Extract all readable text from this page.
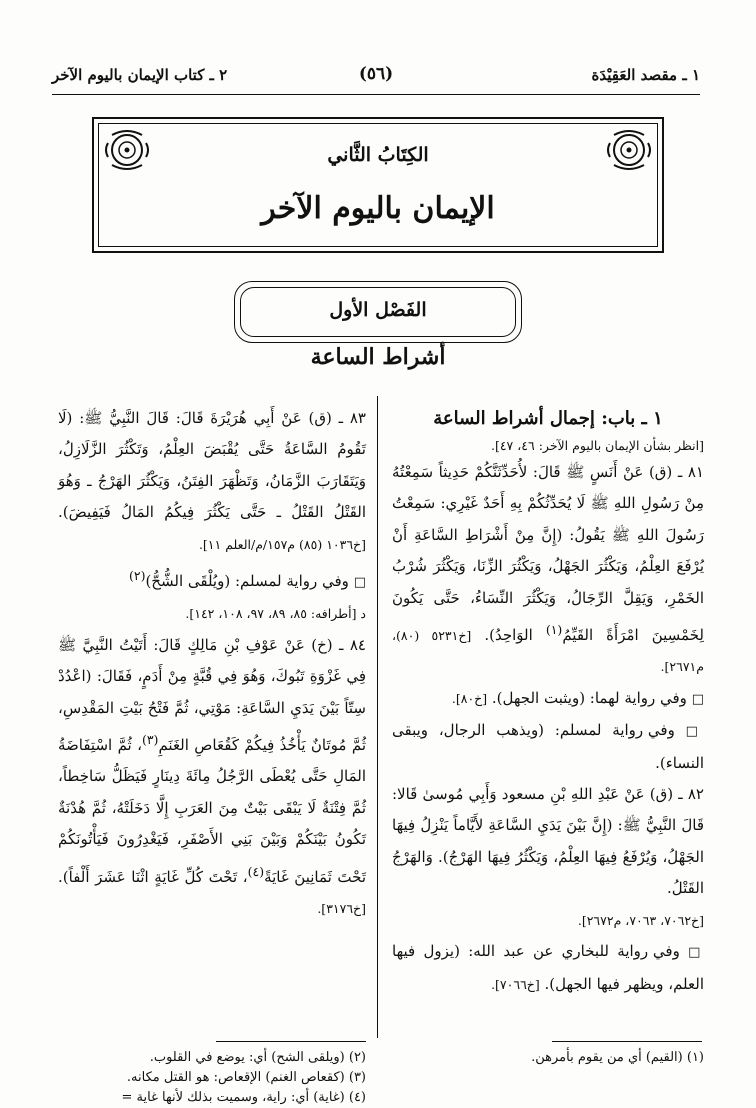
١ ـ مقصد العَقِيْدَة
(٥٦)
٢ ـ كتاب الإيمان باليوم الآخر
الكِتَابُ الثَّاني
الإيمان باليوم الآخر
الفَصْل الأول
أشراط الساعة

١ ـ باب: إجمال أشراط الساعة

[انظر بشأن الإيمان باليوم الآخر: ٤٦، ٤٧].

٨١ ـ (ق) عَنْ أَنَسٍ ﷺ قَالَ: لأُحَدِّثَنَّكُمْ حَدِيثاً سَمِعْتُهُ مِنْ رَسُولِ اللهِ ﷺ لَا يُحَدِّثُكُمْ بِهِ أَحَدٌ غَيْرِي: سَمِعْتُ رَسُولَ اللهِ ﷺ يَقُولُ: (إِنَّ مِنْ أَشْرَاطِ السَّاعَةِ أَنْ يُرْفَعَ العِلْمُ، وَيَكْثُرَ الجَهْلُ، وَيَكْثُرَ الزِّنَا، وَيَكْثُرَ شُرْبُ الخَمْرِ، وَيَقِلَّ الرِّجَالُ، وَيَكْثُرَ النِّسَاءُ، حَتَّى يَكُونَ لِخَمْسِينَ امْرَأَةً القَيِّمُ$^{(١)}$ الوَاحِدُ). [خ٥٢٣١ (٨٠)، م٢٦٧١].

□ وفي رواية لهما: (ويثبت الجهل). [خ٨٠].

□ وفي رواية لمسلم: (ويذهب الرجال، ويبقى النساء).

٨٢ ـ (ق) عَنْ عَبْدِ اللهِ بْنِ مسعود وَأَبِي مُوسىٰ قَالا: قَالَ النَّبِيُّ ﷺ: (إِنَّ بَيْنَ يَدَيِ السَّاعَةِ لأَيَّاماً يَنْزِلُ فِيهَا الجَهْلُ، وَيُرْفَعُ فِيهَا العِلْمُ، وَيَكْثُرُ فِيهَا الهَرْجُ). وَالهَرْجُ القَتْلُ.

[خ٧٠٦٢، ٧٠٦٣، م٢٦٧٢].

□ وفي رواية للبخاري عن عبد الله: (يزول فيها العلم، ويظهر فيها الجهل). [خ٧٠٦٦].

٨٣ ـ (ق) عَنْ أَبِي هُرَيْرَةَ قَالَ: قَالَ النَّبِيُّ ﷺ: (لَا تَقُومُ السَّاعَةُ حَتَّى يُقْبَضَ العِلْمُ، وَتَكْثُرَ الزَّلَازِلُ، وَيَتَقَارَبَ الزَّمَانُ، وَتَظْهَرَ الفِتَنُ، وَيَكْثُرَ الهَرْجُ ـ وَهُوَ القَتْلُ القَتْلُ ـ حَتَّى يَكْثُرَ فِيكُمُ المَالُ فَيَفِيضَ). [خ١٠٣٦ (٨٥) م١٥٧/م/العلم ١١].

□ وفي رواية لمسلم: (ويُلْقَى الشُّحُّ)$^{(٢)}$

د [أطرافه: ٨٥، ٨٩، ٩٧، ١٠٨، ١٤٢].

٨٤ ـ (خ) عَنْ عَوْفِ بْنِ مَالِكٍ قَالَ: أَتَيْتُ النَّبِيَّ ﷺ فِي غَزْوَةِ تَبُوكَ، وَهُوَ فِي قُبَّةٍ مِنْ أَدَمٍ، فَقَالَ: (اعْدُدْ سِتّاً بَيْنَ يَدَيِ السَّاعَةِ: مَوْتِي، ثُمَّ فَتْحُ بَيْتِ المَقْدِسِ، ثُمَّ مُوتَانٌ يَأْخُذُ فِيكُمْ كَقُعَاصِ الغَنَمِ$^{(٣)}$، ثُمَّ اسْتِفَاضَةُ المَالِ حَتَّى يُعْطَى الرَّجُلُ مِائَةَ دِينَارٍ فَيَظَلُّ سَاخِطاً، ثُمَّ فِتْنَةٌ لَا يَبْقَى بَيْتٌ مِنَ العَرَبِ إِلَّا دَخَلَتْهُ، ثُمَّ هُدْنَةٌ تَكُونُ بَيْنَكُمْ وَبَيْنَ بَنِي الأَصْفَرِ، فَيَغْدِرُونَ فَيَأْتُونَكُمْ تَحْتَ ثَمَانِينَ غَايَةً$^{(٤)}$، تَحْتَ كُلِّ غَايَةٍ اثْنَا عَشَرَ أَلْفاً). [خ٣١٧٦].

(١) (القيم) أي من يقوم بأمرهن.
(٢) (ويلقى الشح) أي: يوضع في القلوب.
(٣) (كقعاص الغنم) الإقعاص: هو القتل مكانه.
(٤) (غاية) أي: راية، وسميت بذلك لأنها غاية =
